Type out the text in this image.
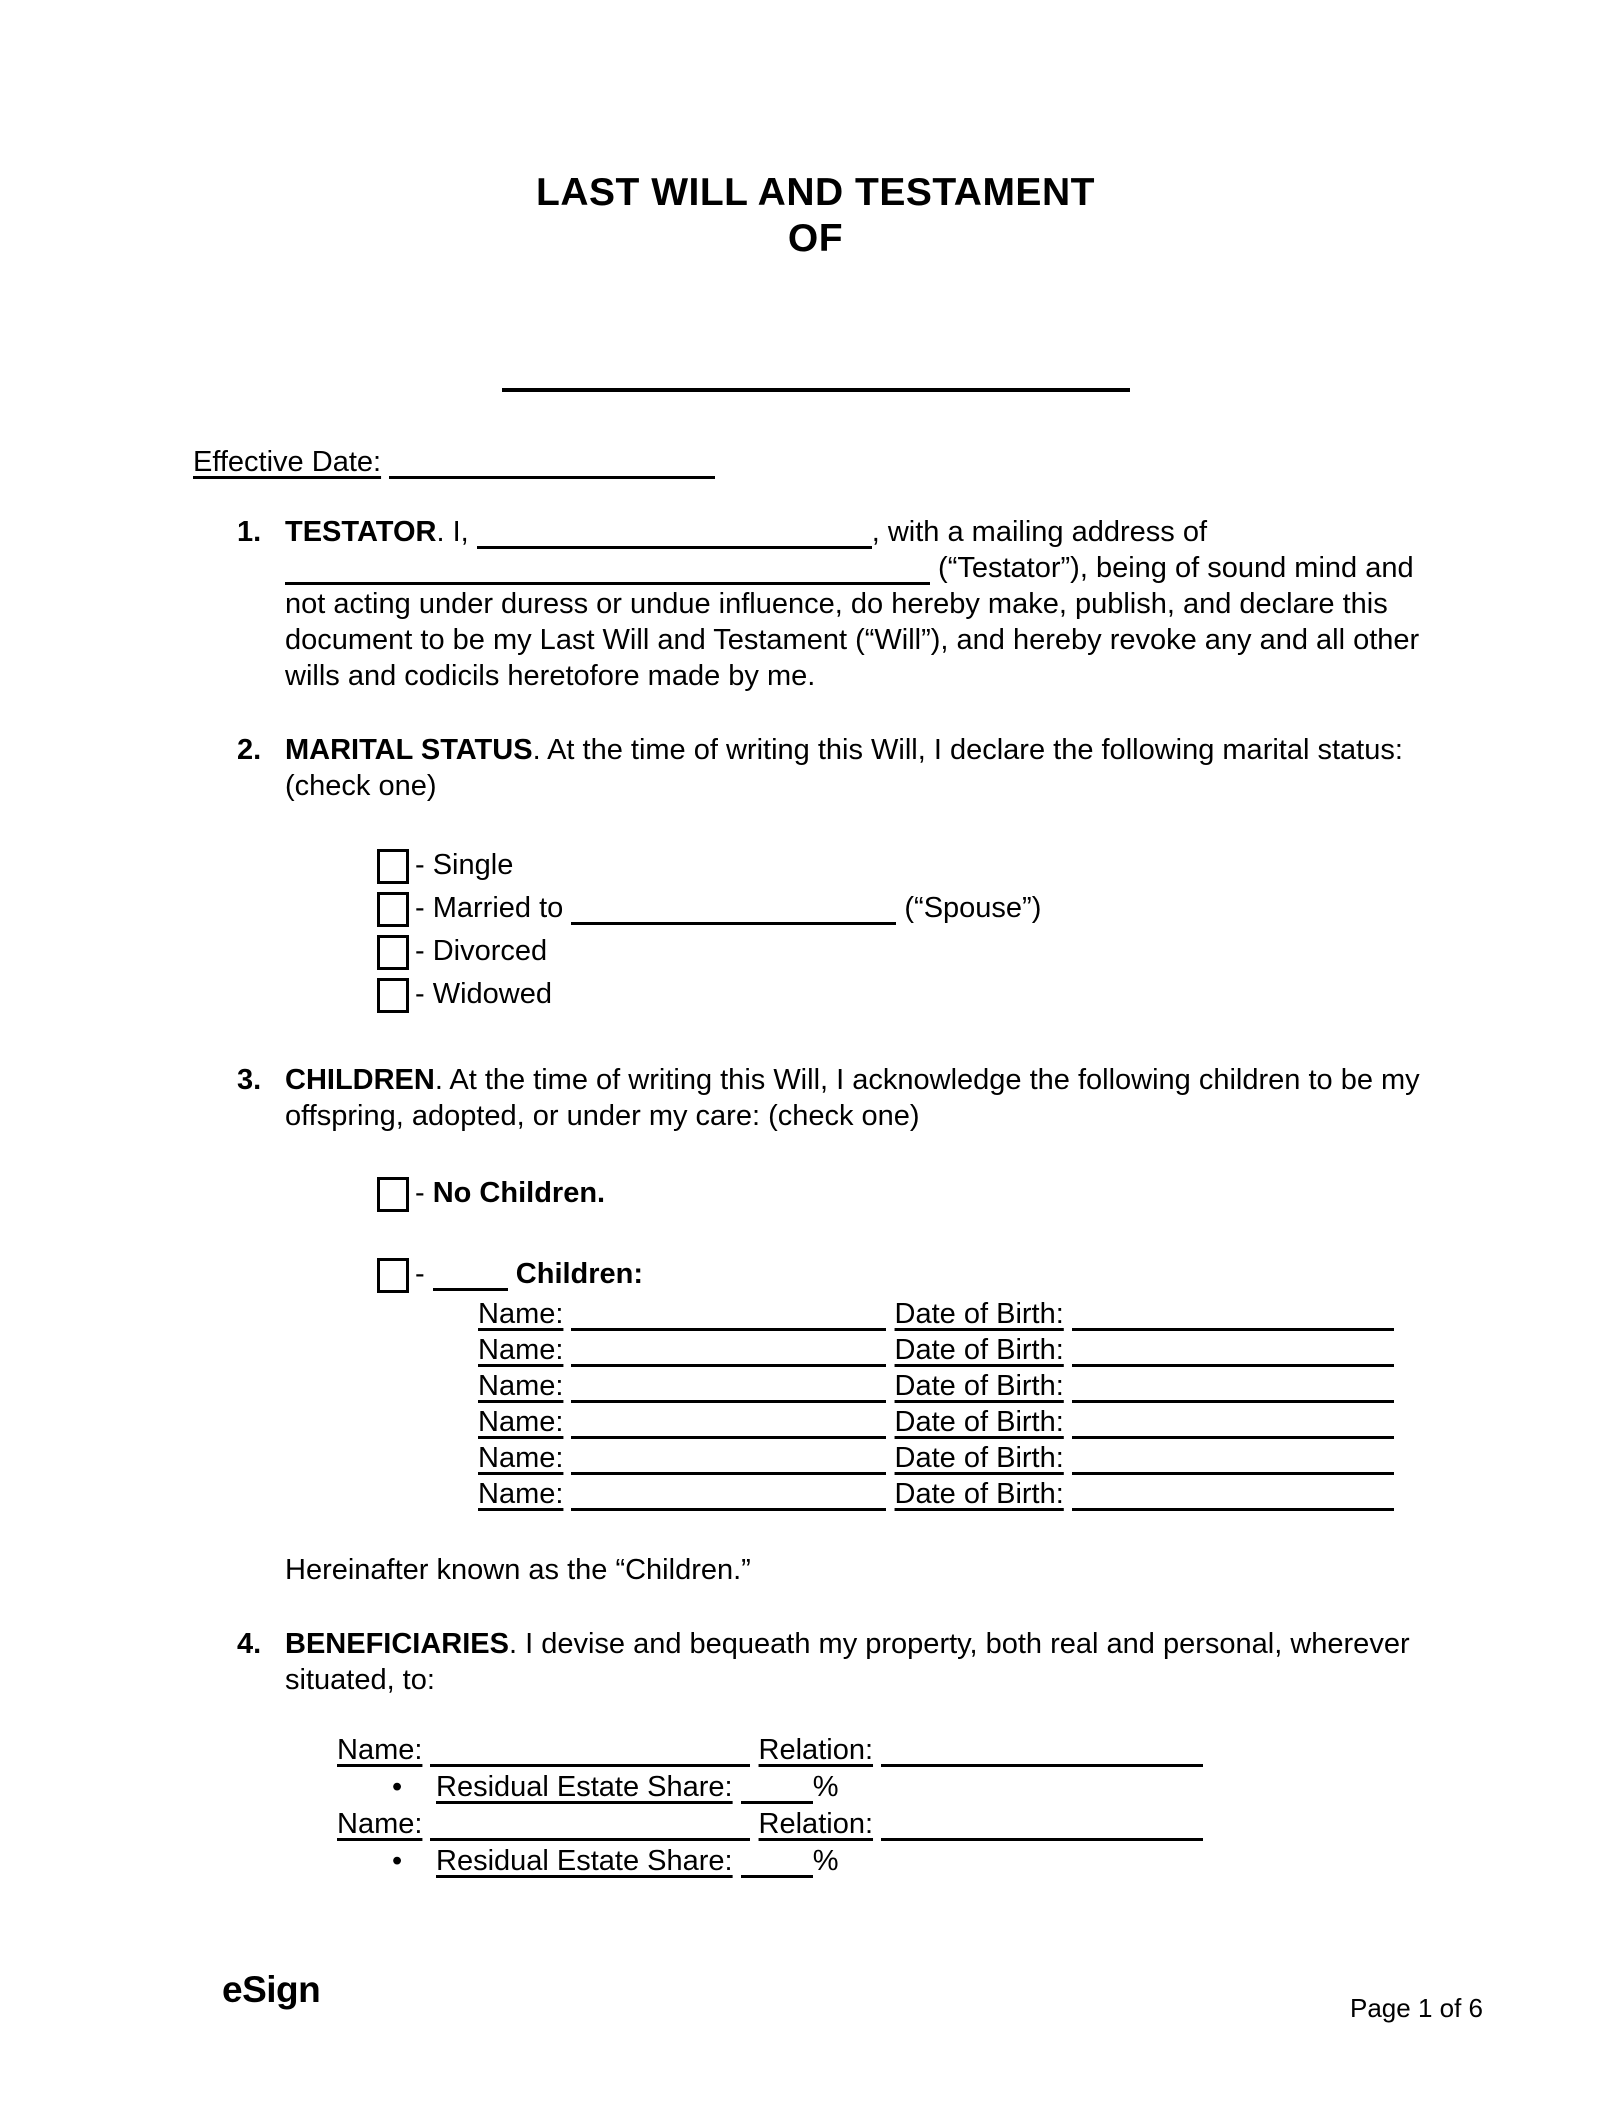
LAST WILL AND TESTAMENT
OF
Effective Date:
1. TESTATOR. I,	, with a mailing address of  (“Testator”), being of sound mind and not acting under duress or undue influence, do hereby make, publish, and declare this document to be my Last Will and Testament (“Will”), and hereby revoke any and all other wills and codicils heretofore made by me.
2. MARITAL STATUS. At the time of writing this Will, I declare the following marital status: (check one)
- Single
- Married to	(“Spouse”)
- Divorced
- Widowed
3. CHILDREN. At the time of writing this Will, I acknowledge the following children to be my offspring, adopted, or under my care: (check one)
- No Children.
-	Children:
Name:	Date of Birth:
Name:	Date of Birth:
Name:	Date of Birth:
Name:	Date of Birth:
Name:	Date of Birth:
Name:	Date of Birth:
Hereinafter known as the “Children.”
4. BENEFICIARIES. I devise and bequeath my property, both real and personal, wherever situated, to:
Name:	Relation:
• Residual Estate Share:	%
Name:	Relation:
• Residual Estate Share:	%
eSign	Page 1 of 6
